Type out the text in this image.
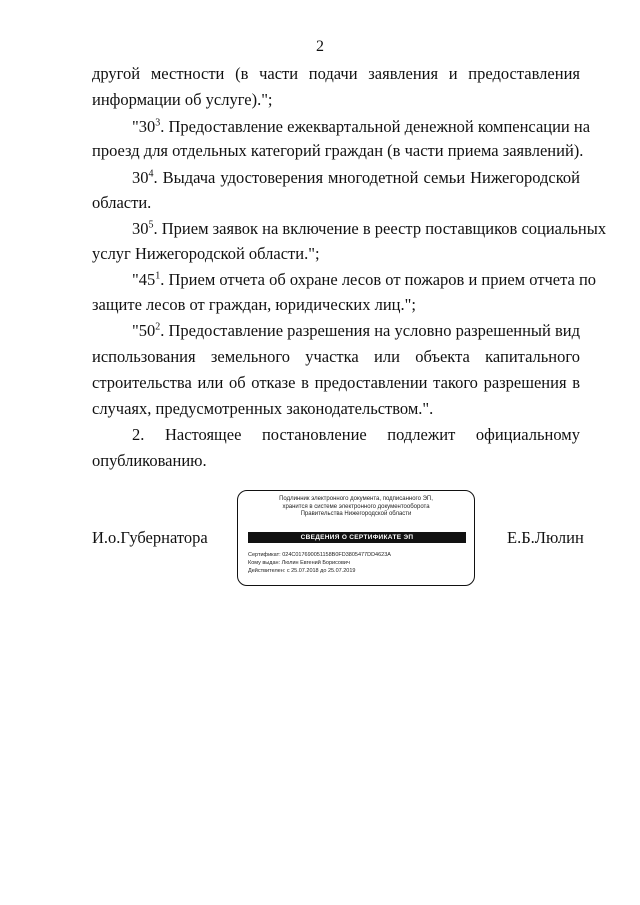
2
другой местности (в части подачи заявления и предоставления
информации об услуге).";
"$30^3$. Предоставление ежеквартальной денежной компенсации на
проезд для отдельных категорий граждан (в части приема заявлений).
$30^4$. Выдача удостоверения многодетной семьи Нижегородской
области.
$30^5$. Прием заявок на включение в реестр поставщиков социальных
услуг Нижегородской области.";
"$45^1$. Прием отчета об охране лесов от пожаров и прием отчета по
защите лесов от граждан, юридических лиц.";
"$50^2$. Предоставление разрешения на условно разрешенный вид
использования земельного участка или объекта капитального
строительства или об отказе в предоставлении такого разрешения в
случаях, предусмотренных законодательством.".
2. Настоящее постановление подлежит официальному
опубликованию.
И.о.Губернатора	Е.Б.Люлин
Подлинник электронного документа, подписанного ЭП,
хранится в системе электронного документооборота
Правительства Нижегородской области
СВЕДЕНИЯ О СЕРТИФИКАТЕ ЭП
Сертификат: 024C017690051158B0FD3805477DD4623A
Кому выдан: Люлин Евгений Борисович
Действителен: с 25.07.2018 до 25.07.2019
